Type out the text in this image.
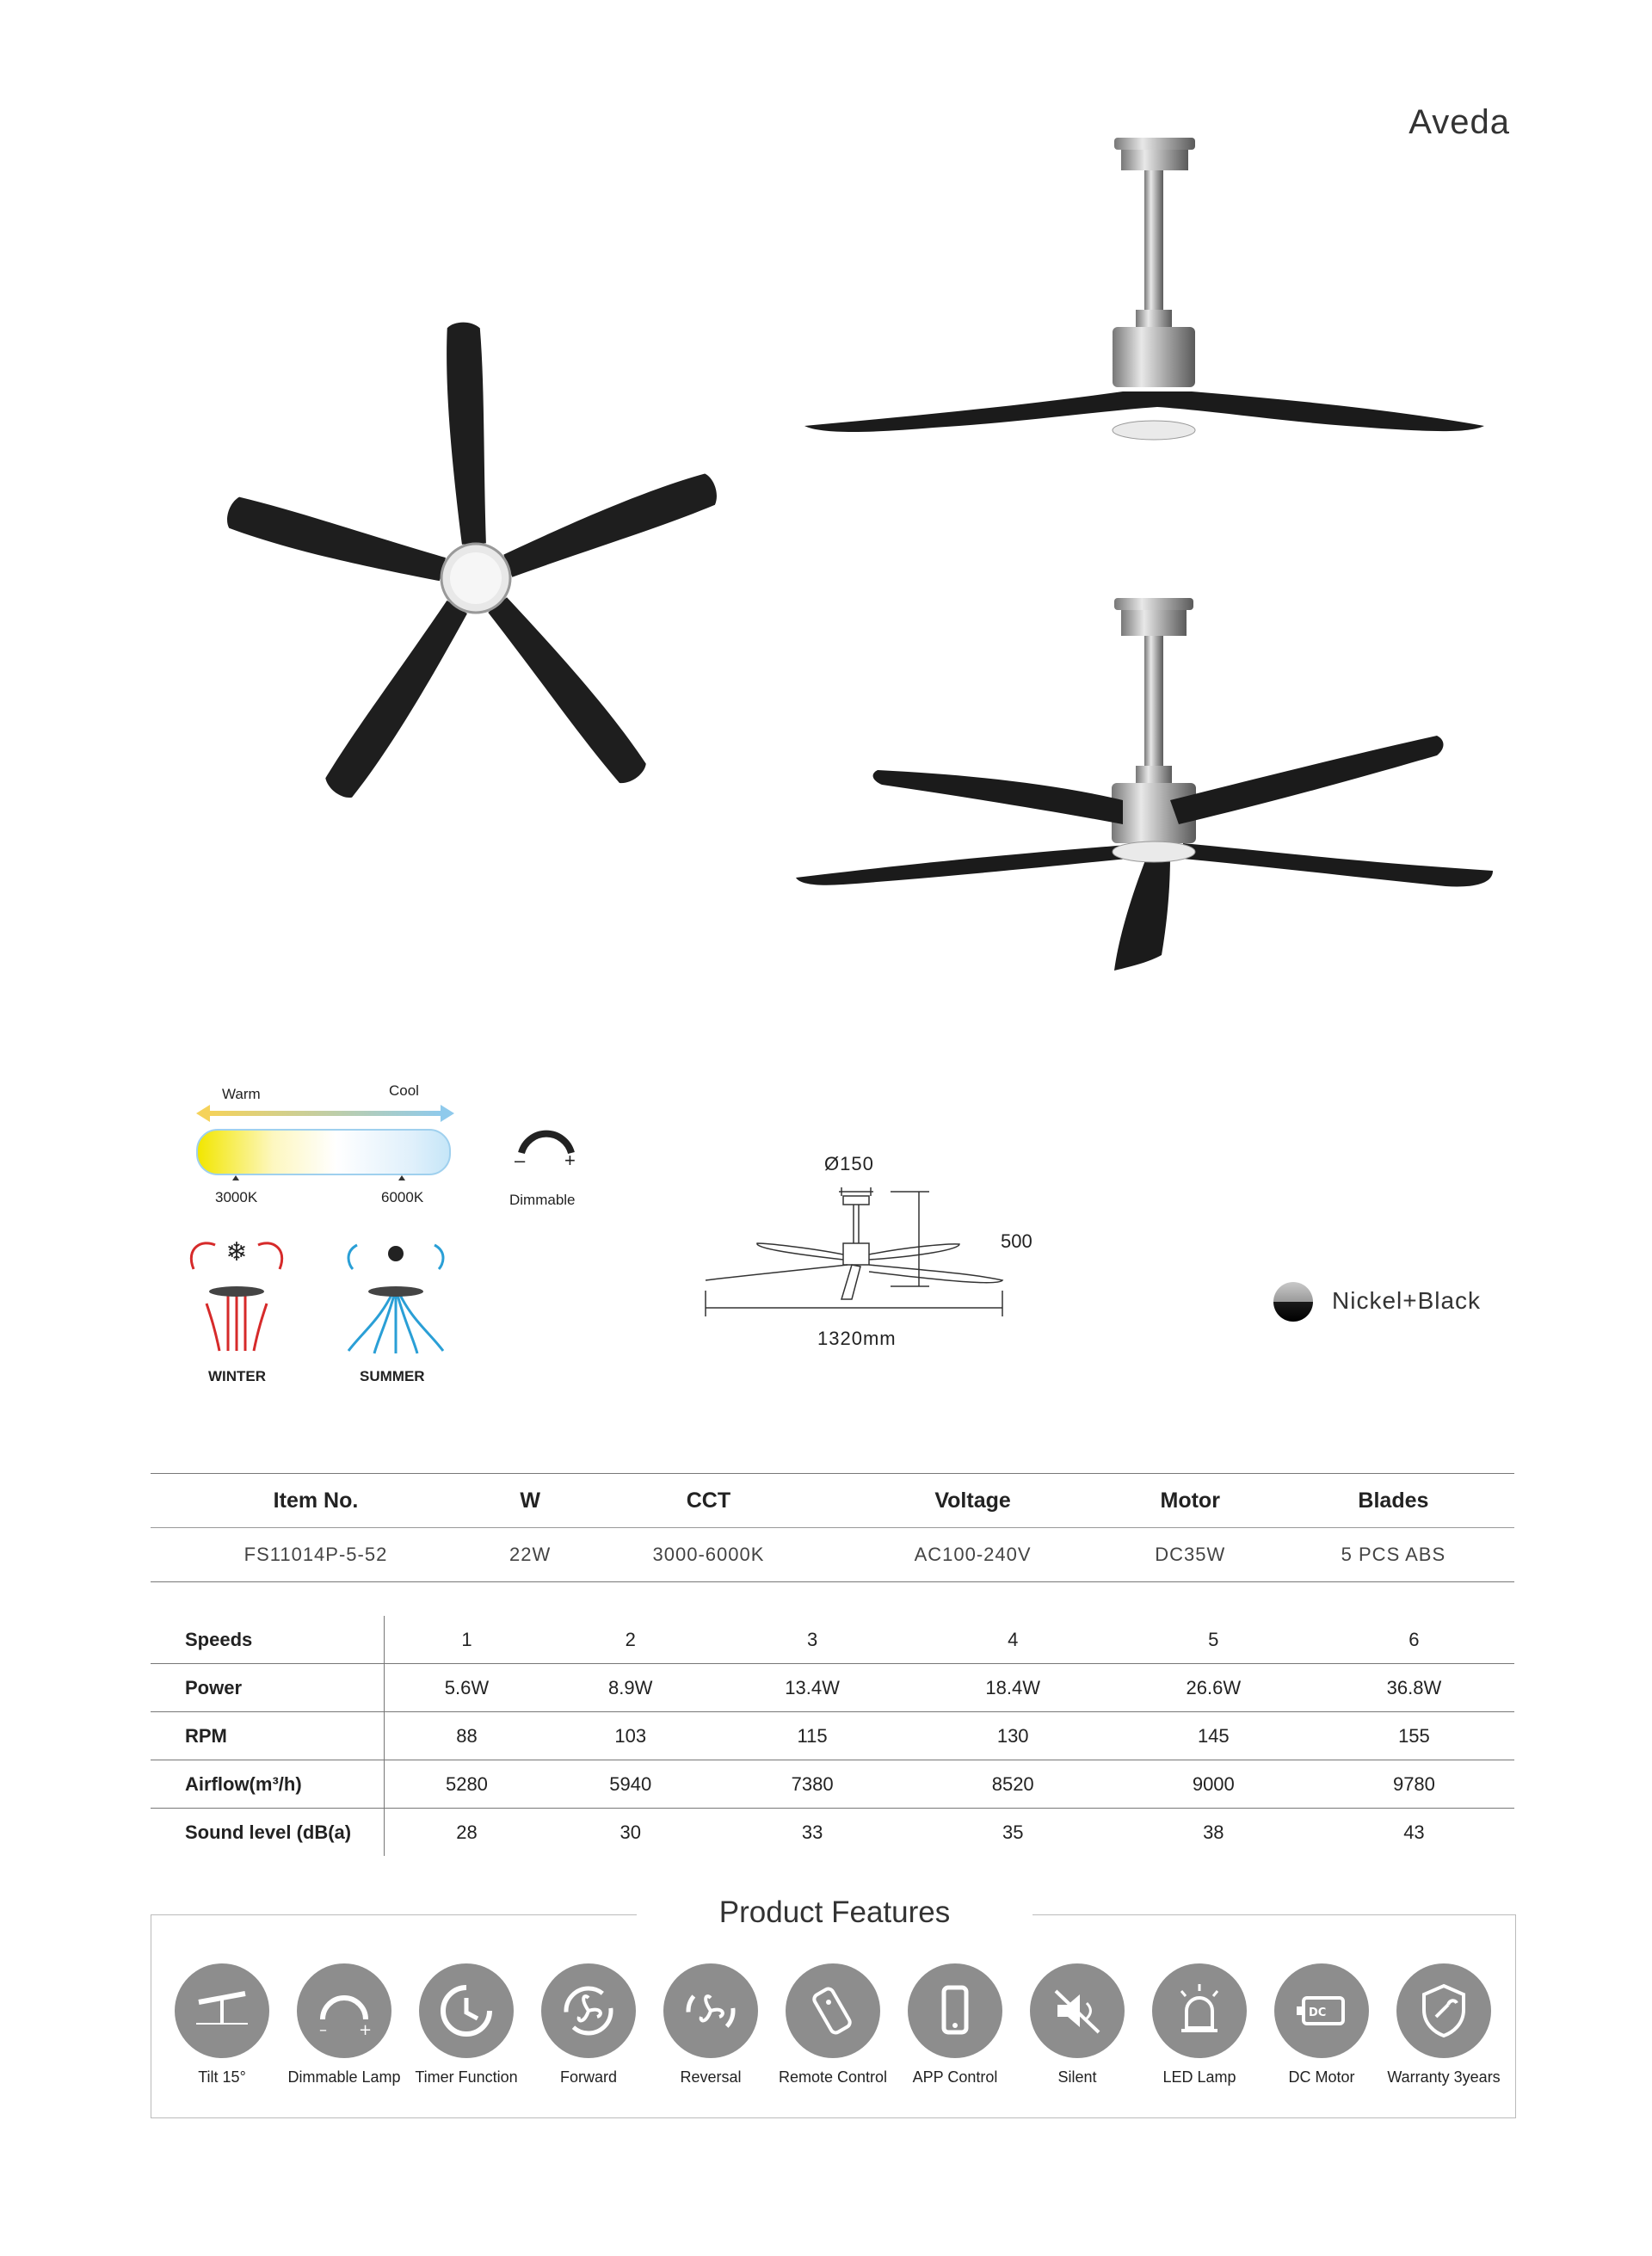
Aveda
Warm	Cool
3000K	6000K
– +
Dimmable
❄
WINTER	SUMMER
Ø150
500
1320mm
Nickel+Black
Item No.	W	CCT	Voltage	Motor	Blades
FS11014P-5-52	22W	3000-6000K	AC100-240V	DC35W	5 PCS ABS
Speeds	1	2	3	4	5	6
Power	5.6W	8.9W	13.4W	18.4W	26.6W	36.8W
RPM	88	103	115	130	145	155
Airflow(m³/h)	5280	5940	7380	8520	9000	9780
Sound level (dB(a)	28	30	33	35	38	43
Product Features
Tilt 15°
– +
Dimmable Lamp Timer Function	Forward	Reversal	Remote Control	APP Control	Silent	LED Lamp
DC
DC Motor	Warranty 3years
